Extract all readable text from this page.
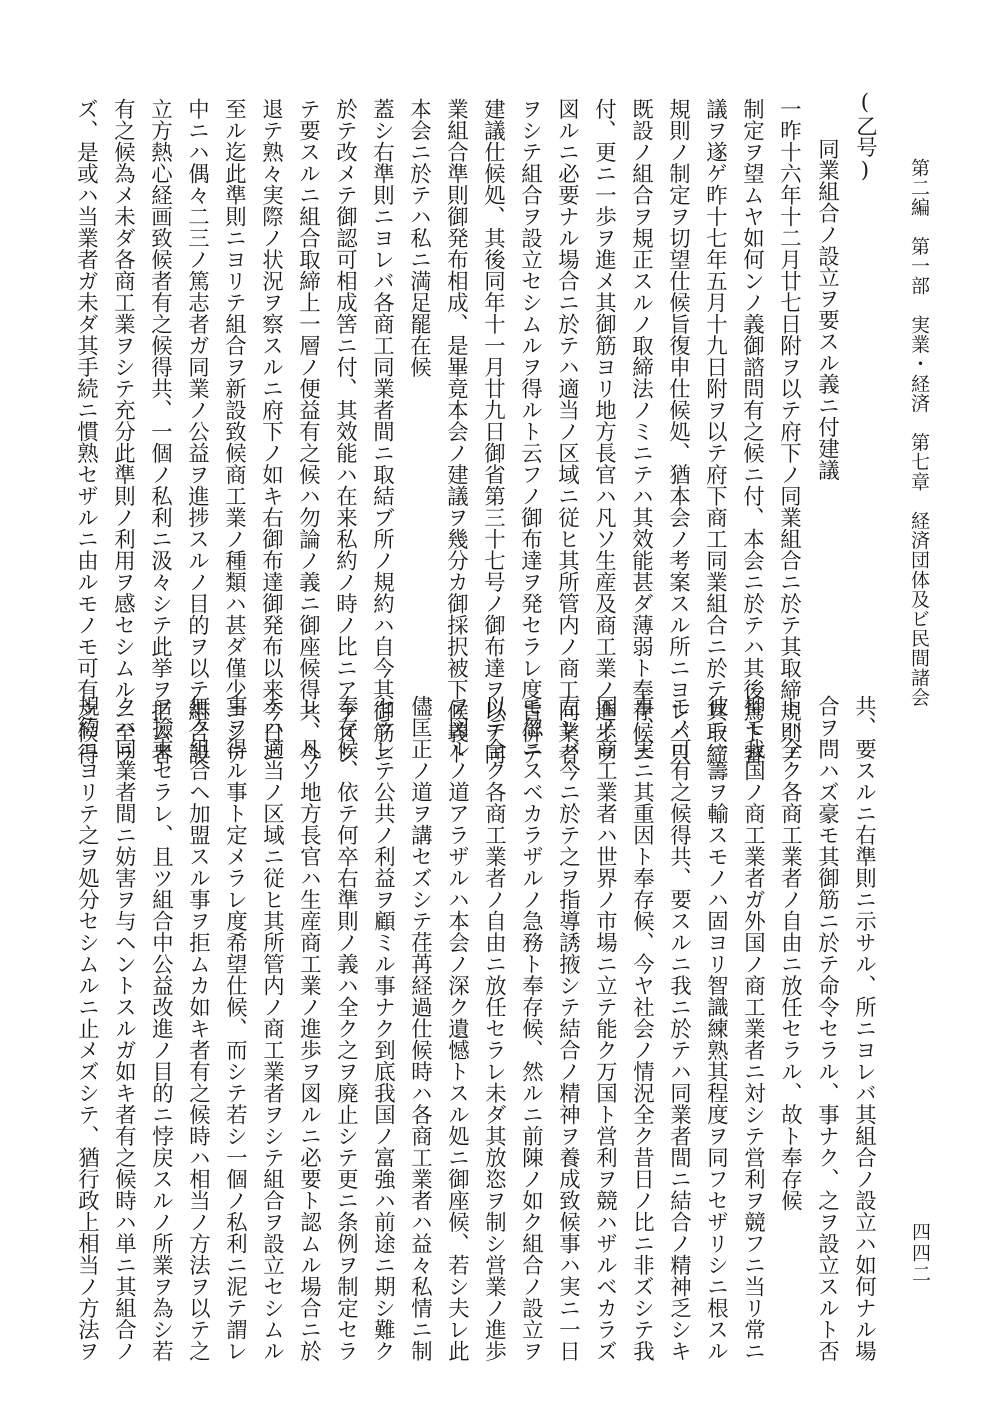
第二編　第一部　実業・経済　第七章　経済団体及ビ民間諸会
四四二
(乙号)
同業組合ノ設立ヲ要スル義ニ付建議
一昨十六年十二月廿七日附ヲ以テ府下ノ同業組合ニ於テ其取締規則ノ
制定ヲ望ムヤ如何ンノ義御諮問有之候ニ付、本会ニ於テハ其後篤ト審
議ヲ遂ゲ昨十七年五月十九日附ヲ以テ府下商工同業組合ニ於テ其取締
規則ノ制定ヲ切望仕候旨復申仕候処、猶本会ノ考案スル所ニヨレバ只
既設ノ組合ヲ規正スルノ取締法ノミニテハ其效能甚ダ薄弱ト奉存候ニ
付、更ニ一歩ヲ進メ其御筋ヨリ地方長官ハ凡ソ生産及商工業ノ進歩ヲ
図ルニ必要ナル場合ニ於テハ適当ノ区域ニ従ヒ其所管内ノ商工同業者
ヲシテ組合ヲ設立セシムルヲ得ルト云フノ御布達ヲ発セラレ度旨併テ
建議仕候処、其後同年十一月廿九日御省第三十七号ノ御布達ヲ以テ同
業組合準則御発布相成、是畢竟本会ノ建議ヲ幾分カ御採択被下候義ト
本会ニ於テハ私ニ満足罷在候
蓋シ右準則ニヨレバ各商工同業者間ニ取結ブ所ノ規約ハ自今其御筋ニ
於テ改メテ御認可相成筈ニ付、其效能ハ在来私約ノ時ノ比ニアラズシ
テ要スルニ組合取締上一層ノ便益有之候ハ勿論ノ義ニ御座候得共、今
退テ熟々実際ノ状況ヲ察スルニ府下ノ如キ右御布達御発布以来今日ニ
至ル迄此準則ニヨリテ組合ヲ新設致候商工業ノ種類ハ甚ダ僅少ニシテ
中ニハ偶々二三ノ篤志者ガ同業ノ公益ヲ進捗スルノ目的ヲ以テ組合設
立方熱心経画致候者有之候得共、一個ノ私利ニ汲々シテ此挙ヲ拒ム者
有之候為メ未ダ各商工業ヲシテ充分此準則ノ利用ヲ感セシムルニ至ラ
ズ、是或ハ当業者ガ未ダ其手続ニ慣熟セザルニ由ルモノモ可有之候得
共、要スルニ右準則ニ示サル、所ニヨレバ其組合ノ設立ハ如何ナル場
合ヲ問ハズ豪モ其御筋ニ於テ命令セラル、事ナク、之ヲ設立スルト否
トハ全ク各商工業者ノ自由ニ放任セラル、故ト奉存候
抑モ我国ノ商工業者ガ外国ノ商工業者ニ対シテ営利ヲ競フニ当リ常ニ
彼ニ一籌ヲ輸スモノハ固ヨリ智識練熟其程度ヲ同フセザリシニ根スル
モノ可有之候得共、要スルニ我ニ於テハ同業者間ニ結合ノ精神乏シキ
事、実ニ其重因ト奉存候、今ヤ社会ノ情況全ク昔日ノ比ニ非ズシテ我
国ノ商工業者ハ世界ノ市場ニ立テ能ク万国ト営利ヲ競ハザルベカラズ
左レバ今ニ於テ之ヲ指導誘掖シテ結合ノ精神ヲ養成致候事ハ実ニ一日
モ忽ニスベカラザルノ急務ト奉存候、然ルニ前陳ノ如ク組合ノ設立ヲ
以テ全ク各商工業者ノ自由ニ放任セラレ未ダ其放恣ヲ制シ営業ノ進歩
ヲ図ルノ道アラザルハ本会ノ深ク遺憾トスル処ニ御座候、若シ夫レ此
儘匡正ノ道ヲ講セズシテ荏苒経過仕候時ハ各商工業者ハ益々私情ニ制
セラレテ公共ノ利益ヲ顧ミル事ナク到底我国ノ富強ハ前途ニ期シ難ク
奉存候、依テ何卒右準則ノ義ハ全ク之ヲ廃止シテ更ニ条例ヲ制定セラ
レ、凡ソ地方長官ハ生産商工業ノ進歩ヲ図ルニ必要ト認ムル場合ニ於
テハ適当ノ区域ニ従ヒ其所管内ノ商工業者ヲシテ組合ヲ設立セシムル
事ヲ得ル事ト定メラレ度希望仕候、而シテ若シ一個ノ私利ニ泥テ謂レ
無ク組合ヘ加盟スル事ヲ拒ムカ如キ者有之候時ハ相当ノ方法ヲ以テ之
ヲ撿束セラレ、且ツ組合中公益改進ノ目的ニ悖戻スルノ所業ヲ為シ若
クハ同業者間ニ妨害ヲ与ヘントスルガ如キ者有之候時ハ単ニ其組合ノ
規約ニヨリテ之ヲ処分セシムルニ止メズシテ、猶行政上相当ノ方法ヲ
